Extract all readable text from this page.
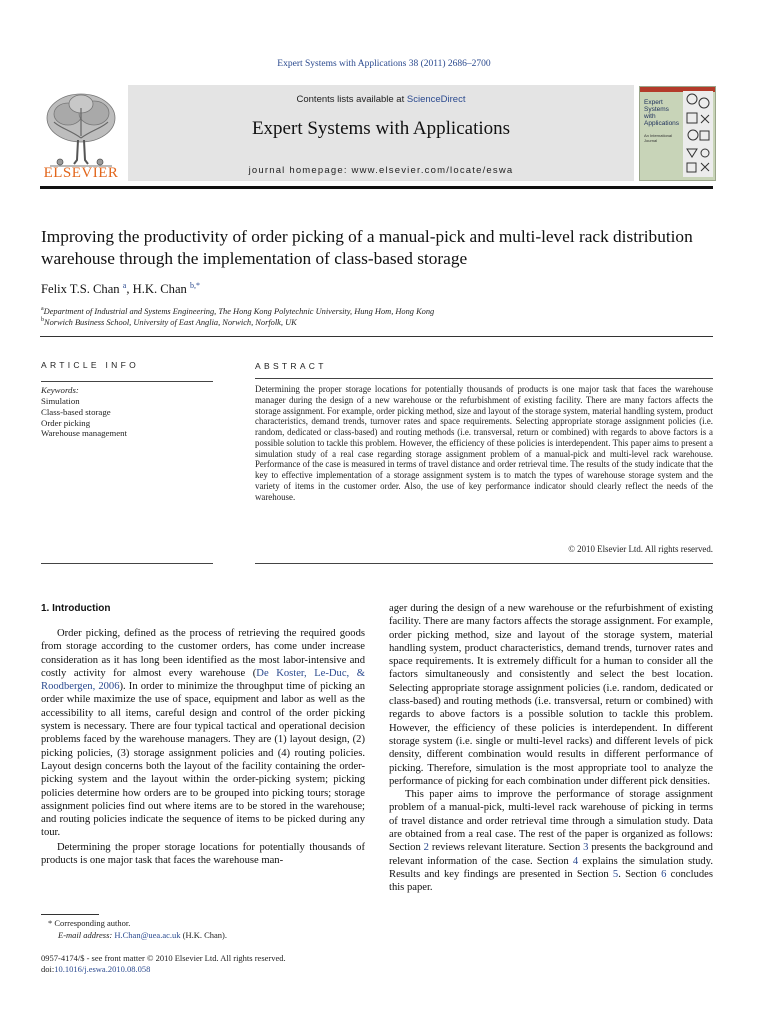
Expert Systems with Applications 38 (2011) 2686–2700
Contents lists available at ScienceDirect
Expert Systems with Applications
journal homepage: www.elsevier.com/locate/eswa
ELSEVIER
Expert Systems with Applications
An International Journal
Improving the productivity of order picking of a manual-pick and multi-level rack distribution warehouse through the implementation of class-based storage
Felix T.S. Chan $^a$, H.K. Chan $^{b,*}$
$^a$Department of Industrial and Systems Engineering, The Hong Kong Polytechnic University, Hung Hom, Hong Kong
$^b$Norwich Business School, University of East Anglia, Norwich, Norfolk, UK
ARTICLE INFO
Keywords:
Simulation
Class-based storage
Order picking
Warehouse management
ABSTRACT
Determining the proper storage locations for potentially thousands of products is one major task that faces the warehouse manager during the design of a new warehouse or the refurbishment of existing facility. There are many factors affects the storage assignment. For example, order picking method, size and layout of the storage system, material handling system, product characteristics, demand trends, turnover rates and space requirements. Selecting appropriate storage assignment policies (i.e. random, dedicated or class-based) and routing methods (i.e. transversal, return or combined) with regards to above factors is a possible solution to tackle this problem. However, the efficiency of these policies is interdependent. This paper aims to present a simulation study of a real case regarding storage assignment problem of a manual-pick and multi-level rack warehouse. Performance of the case is measured in terms of travel distance and order retrieval time. The results of the study indicate that the key to effective implementation of a storage assignment system is to match the types of warehouse storage system and the variety of items in the customer order. Also, the use of key performance indicator should clearly reflect the needs of the warehouse.
© 2010 Elsevier Ltd. All rights reserved.
1. Introduction

Order picking, defined as the process of retrieving the required goods from storage according to the customer orders, has come under increase consideration as it has long been identified as the most labor-intensive and costly activity for almost every warehouse (De Koster, Le-Duc, & Roodbergen, 2006). In order to minimize the throughput time of picking an order while maximize the use of space, equipment and labor as well as the accessibility to all items, careful design and control of the order picking system is necessary. There are four typical tactical and operational decision problems faced by the warehouse managers. They are (1) layout design, (2) picking policies, (3) storage assignment policies and (4) routing policies. Layout design concerns both the layout of the facility containing the order-picking system and the layout within the order-picking system; picking policies determine how orders are to be grouped into picking tours; storage assignment policies find out where items are to be stored in the warehouse; and routing policies indicate the sequence of items to be picked during any tour.

Determining the proper storage locations for potentially thousands of products is one major task that faces the warehouse man-

ager during the design of a new warehouse or the refurbishment of existing facility. There are many factors affects the storage assignment. For example, order picking method, size and layout of the storage system, material handling system, product characteristics, demand trends, turnover rates and space requirements. It is extremely difficult for a human to consider all the factors simultaneously and consistently and select the best location. Selecting appropriate storage assignment policies (i.e. random, dedicated or class-based) and routing methods (i.e. transversal, return or combined) with regards to above factors is a possible solution to tackle this problem. However, the efficiency of these policies is interdependent. In different storage system (i.e. single or multi-level racks) and different levels of pick density, different combination would results in different performance of picking. Therefore, simulation is the most appropriate tool to analyze the performance of picking for each combination under different pick densities.

This paper aims to improve the performance of storage assignment problem of a manual-pick, multi-level rack warehouse of picking in terms of travel distance and order retrieval time through a simulation study. Data are obtained from a real case. The rest of the paper is organized as follows: Section 2 reviews relevant literature. Section 3 presents the background and relevant information of the case. Section 4 explains the simulation study. Results and key findings are presented in Section 5. Section 6 concludes this paper.

* Corresponding author.
E-mail address: H.Chan@uea.ac.uk (H.K. Chan).
0957-4174/$ - see front matter © 2010 Elsevier Ltd. All rights reserved.
doi:10.1016/j.eswa.2010.08.058
